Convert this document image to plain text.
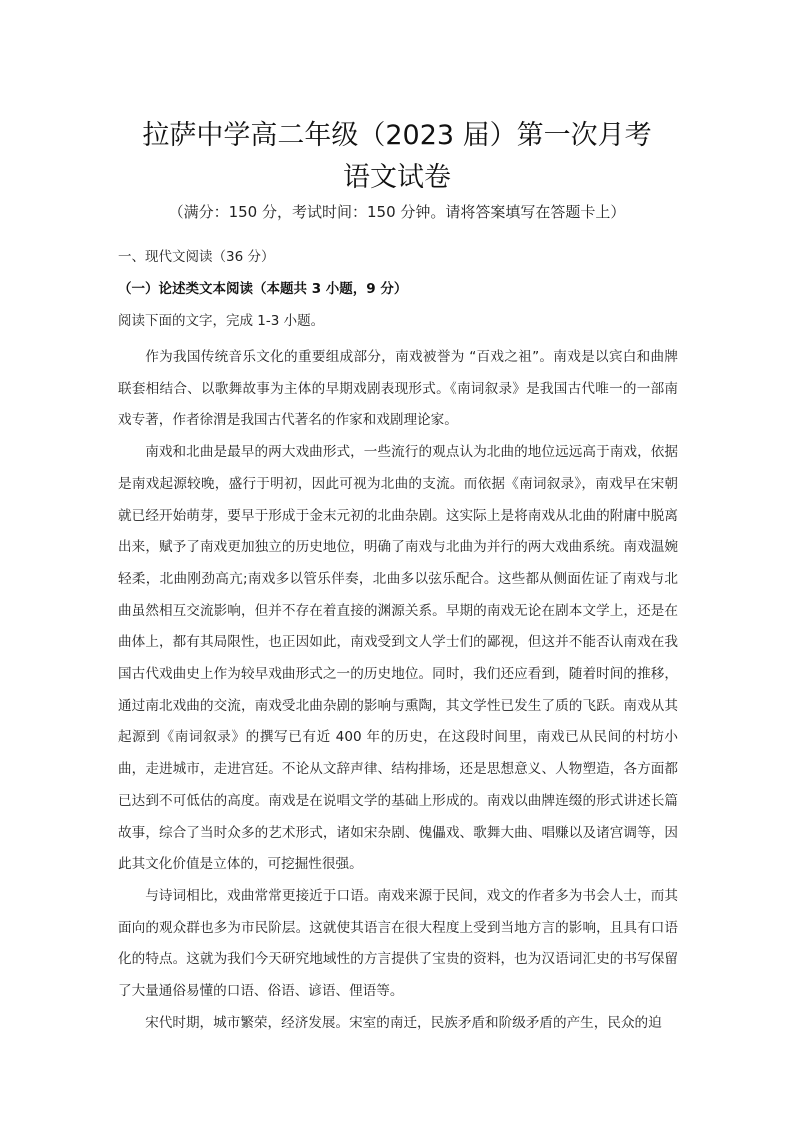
拉萨中学高二年级（2023 届）第一次月考
语文试卷
（满分：150 分，考试时间：150 分钟。请将答案填写在答题卡上）
一、现代文阅读（36 分）
（一）论述类文本阅读（本题共 3 小题，9 分）
阅读下面的文字，完成 1-3 小题。

作为我国传统音乐文化的重要组成部分，南戏被誉为 “百戏之祖”。南戏是以宾白和曲牌联套相结合、以歌舞故事为主体的早期戏剧表现形式。《南词叙录》是我国古代唯一的一部南戏专著，作者徐渭是我国古代著名的作家和戏剧理论家。

南戏和北曲是最早的两大戏曲形式，一些流行的观点认为北曲的地位远远高于南戏，依据是南戏起源较晚，盛行于明初，因此可视为北曲的支流。而依据《南词叙录》，南戏早在宋朝就已经开始萌芽，要早于形成于金末元初的北曲杂剧。这实际上是将南戏从北曲的附庸中脱离出来，赋予了南戏更加独立的历史地位，明确了南戏与北曲为并行的两大戏曲系统。南戏温婉轻柔，北曲刚劲高亢;南戏多以管乐伴奏，北曲多以弦乐配合。这些都从侧面佐证了南戏与北曲虽然相互交流影响，但并不存在着直接的渊源关系。早期的南戏无论在剧本文学上，还是在曲体上，都有其局限性，也正因如此，南戏受到文人学士们的鄙视，但这并不能否认南戏在我国古代戏曲史上作为较早戏曲形式之一的历史地位。同时，我们还应看到，随着时间的推移，通过南北戏曲的交流，南戏受北曲杂剧的影响与熏陶，其文学性已发生了质的飞跃。南戏从其起源到《南词叙录》的撰写已有近 400 年的历史，在这段时间里，南戏已从民间的村坊小曲，走进城市，走进宫廷。不论从文辞声律、结构排场，还是思想意义、人物塑造，各方面都已达到不可低估的高度。南戏是在说唱文学的基础上形成的。南戏以曲牌连缀的形式讲述长篇故事，综合了当时众多的艺术形式，诸如宋杂剧、傀儡戏、歌舞大曲、唱赚以及诸宫调等，因此其文化价值是立体的，可挖掘性很强。

与诗词相比，戏曲常常更接近于口语。南戏来源于民间，戏文的作者多为书会人士，而其面向的观众群也多为市民阶层。这就使其语言在很大程度上受到当地方言的影响，且具有口语化的特点。这就为我们今天研究地域性的方言提供了宝贵的资料，也为汉语词汇史的书写保留了大量通俗易懂的口语、俗语、谚语、俚语等。

宋代时期，城市繁荣，经济发展。宋室的南迁，民族矛盾和阶级矛盾的产生，民众的迫
